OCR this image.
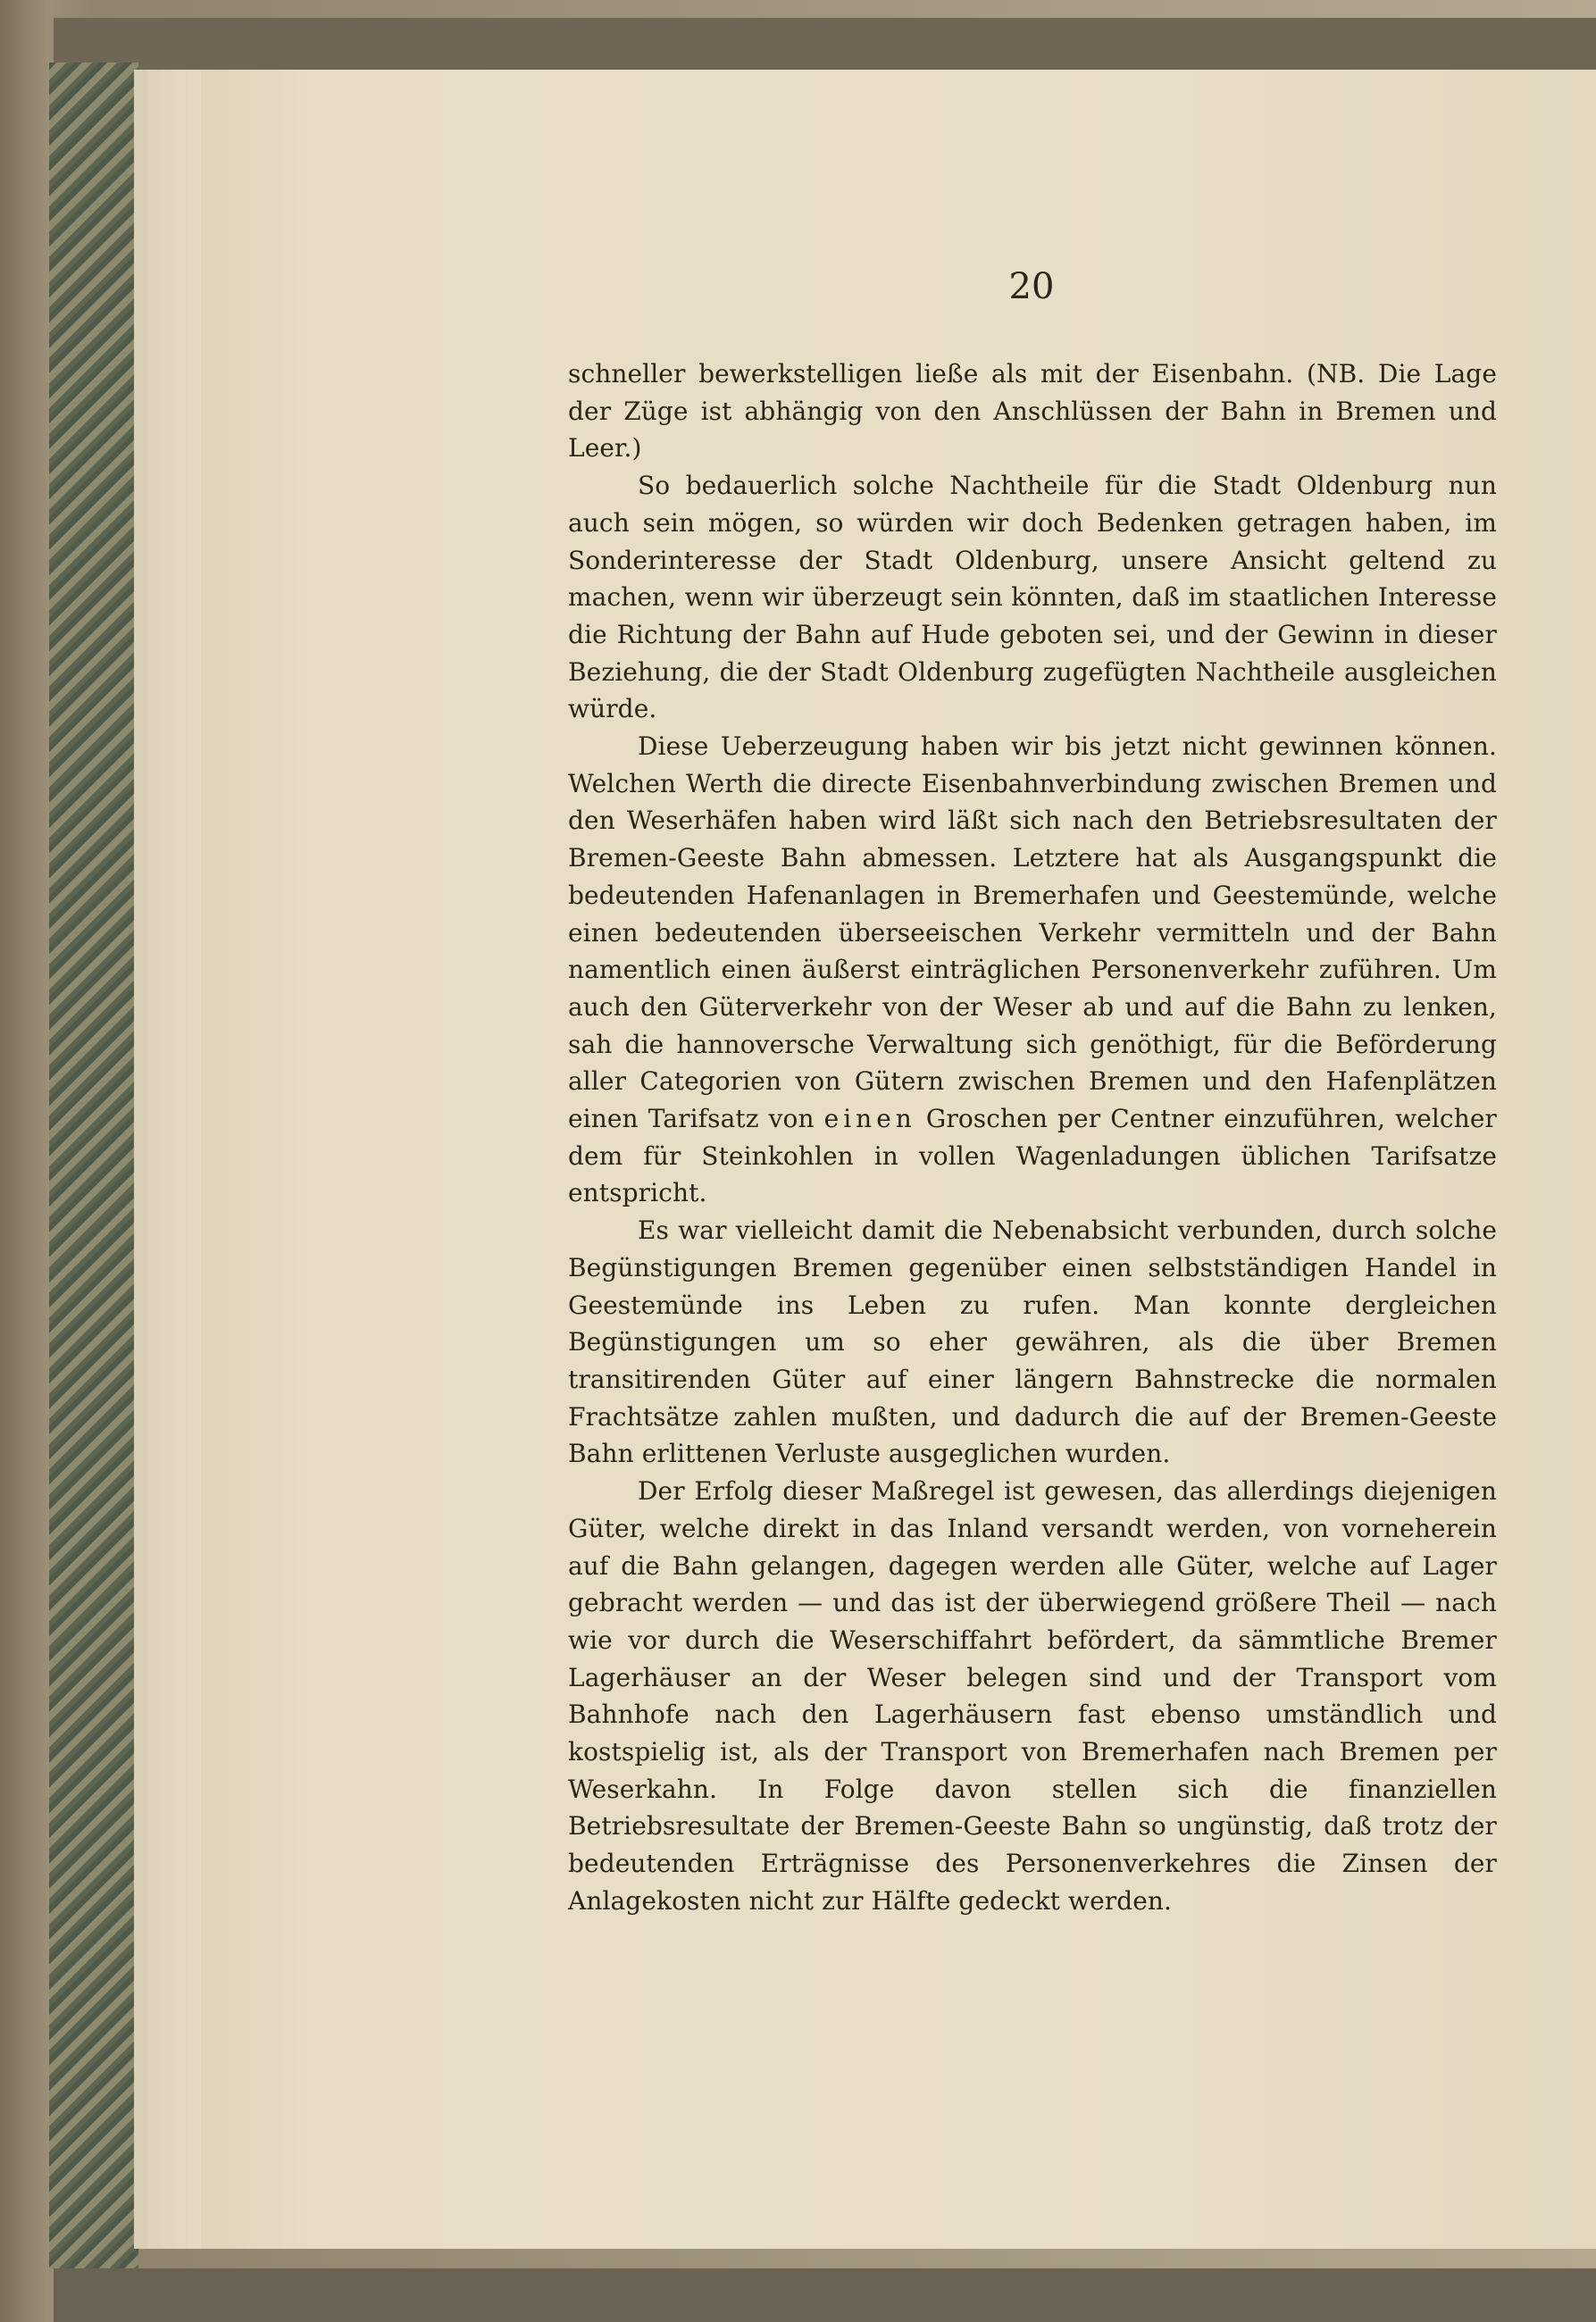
20

schneller bewerkstelligen ließe als mit der Eisenbahn. (NB. Die Lage der Züge ist abhängig von den Anschlüssen der Bahn in Bremen und Leer.)

So bedauerlich solche Nachtheile für die Stadt Oldenburg nun auch sein mögen, so würden wir doch Bedenken getragen haben, im Sonderinteresse der Stadt Oldenburg, unsere Ansicht geltend zu machen, wenn wir überzeugt sein könnten, daß im staatlichen Interesse die Richtung der Bahn auf Hude geboten sei, und der Gewinn in dieser Beziehung, die der Stadt Oldenburg zugefügten Nachtheile ausgleichen würde.

Diese Ueberzeugung haben wir bis jetzt nicht gewinnen können. Welchen Werth die directe Eisenbahnverbindung zwischen Bremen und den Weserhäfen haben wird läßt sich nach den Betriebsresultaten der Bremen-Geeste Bahn abmessen. Letztere hat als Ausgangspunkt die bedeutenden Hafenanlagen in Bremerhafen und Geestemünde, welche einen bedeutenden überseeischen Verkehr vermitteln und der Bahn namentlich einen äußerst einträglichen Personenverkehr zuführen. Um auch den Güterverkehr von der Weser ab und auf die Bahn zu lenken, sah die hannoversche Verwaltung sich genöthigt, für die Beförderung aller Categorien von Gütern zwischen Bremen und den Hafenplätzen einen Tarifsatz von einen Groschen per Centner einzuführen, welcher dem für Steinkohlen in vollen Wagenladungen üblichen Tarifsatze entspricht.

Es war vielleicht damit die Nebenabsicht verbunden, durch solche Begünstigungen Bremen gegenüber einen selbstständigen Handel in Geestemünde ins Leben zu rufen. Man konnte dergleichen Begünstigungen um so eher gewähren, als die über Bremen transitirenden Güter auf einer längern Bahnstrecke die normalen Frachtsätze zahlen mußten, und dadurch die auf der Bremen-Geeste Bahn erlittenen Verluste ausgeglichen wurden.

Der Erfolg dieser Maßregel ist gewesen, das allerdings diejenigen Güter, welche direkt in das Inland versandt werden, von vorneherein auf die Bahn gelangen, dagegen werden alle Güter, welche auf Lager gebracht werden — und das ist der überwiegend größere Theil — nach wie vor durch die Weserschiffahrt befördert, da sämmtliche Bremer Lagerhäuser an der Weser belegen sind und der Transport vom Bahnhofe nach den Lagerhäusern fast ebenso umständlich und kostspielig ist, als der Transport von Bremerhafen nach Bremen per Weserkahn. In Folge davon stellen sich die finanziellen Betriebsresultate der Bremen-Geeste Bahn so ungünstig, daß trotz der bedeutenden Erträgnisse des Personenverkehres die Zinsen der Anlagekosten nicht zur Hälfte gedeckt werden.
